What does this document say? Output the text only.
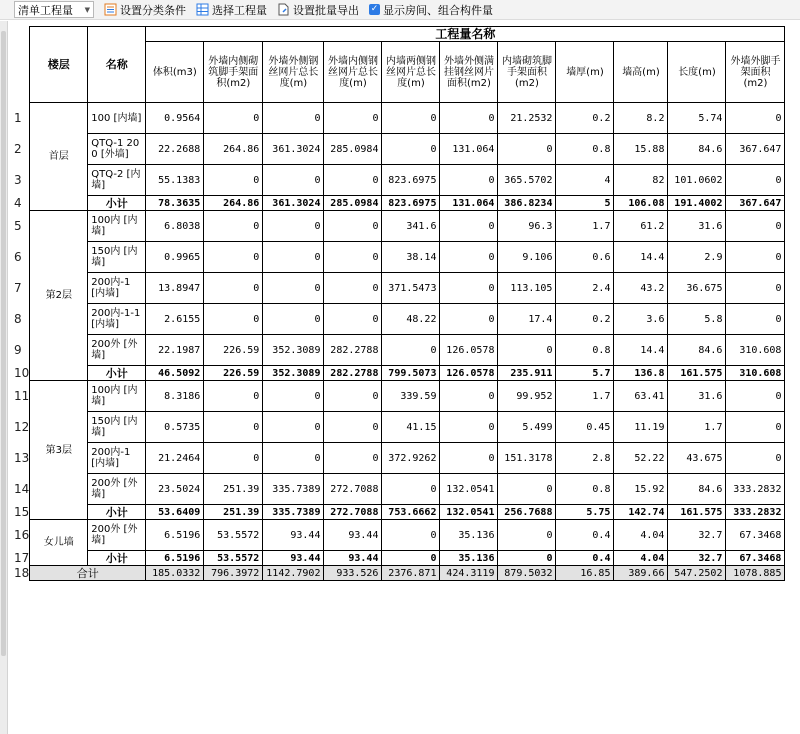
清单工程量 ▼	设置分类条件 选择工程量 设置批量导出 ✓ 显示房间、组合构件量
	楼层	名称	工程量名称										
			体积(m3)	外墙内侧砌筑脚手架面积(m2)	外墙外侧钢丝网片总长度(m)	外墙内侧钢丝网片总长度(m)	内墙两侧钢丝网片总长度(m)	外墙外侧满挂钢丝网片面积(m2)	内墙砌筑脚手架面积(m2)	墙厚(m)	墙高(m)	长度(m)	外墙外脚手架面积(m2)
1	首层	100 [内墙]	0.9564	0	0	0	0	0	21.2532	0.2	8.2	5.74	0
2		QTQ-1 200 [外墙]	22.2688	264.86	361.3024	285.0984	0	131.064	0	0.8	15.88	84.6	367.647
3		QTQ-2 [内墙]	55.1383	0	0	0	823.6975	0	365.5702	4	82	101.0602	0
4		小计	78.3635	264.86	361.3024	285.0984	823.6975	131.064	386.8234	5	106.08	191.4002	367.647
5	第2层	100内 [内墙]	6.8038	0	0	0	341.6	0	96.3	1.7	61.2	31.6	0
6		150内 [内墙]	0.9965	0	0	0	38.14	0	9.106	0.6	14.4	2.9	0
7		200内-1 [内墙]	13.8947	0	0	0	371.5473	0	113.105	2.4	43.2	36.675	0
8		200内-1-1 [内墙]	2.6155	0	0	0	48.22	0	17.4	0.2	3.6	5.8	0
9		200外 [外墙]	22.1987	226.59	352.3089	282.2788	0	126.0578	0	0.8	14.4	84.6	310.608
10		小计	46.5092	226.59	352.3089	282.2788	799.5073	126.0578	235.911	5.7	136.8	161.575	310.608
11	第3层	100内 [内墙]	8.3186	0	0	0	339.59	0	99.952	1.7	63.41	31.6	0
12		150内 [内墙]	0.5735	0	0	0	41.15	0	5.499	0.45	11.19	1.7	0
13		200内-1 [内墙]	21.2464	0	0	0	372.9262	0	151.3178	2.8	52.22	43.675	0
14		200外 [外墙]	23.5024	251.39	335.7389	272.7088	0	132.0541	0	0.8	15.92	84.6	333.2832
15		小计	53.6409	251.39	335.7389	272.7088	753.6662	132.0541	256.7688	5.75	142.74	161.575	333.2832
16	女儿墙	200外 [外墙]	6.5196	53.5572	93.44	93.44	0	35.136	0	0.4	4.04	32.7	67.3468
17		小计	6.5196	53.5572	93.44	93.44	0	35.136	0	0.4	4.04	32.7	67.3468
18	合计		185.0332	796.3972	1142.7902	933.526	2376.871	424.3119	879.5032	16.85	389.66	547.2502	1078.885
